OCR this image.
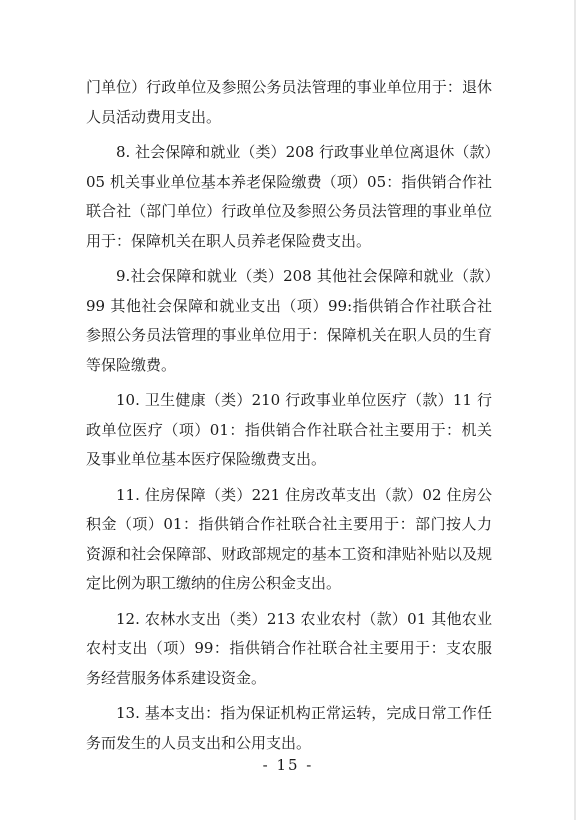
门单位）行政单位及参照公务员法管理的事业单位用于：退休人员活动费用支出。

8. 社会保障和就业（类）208 行政事业单位离退休（款）05 机关事业单位基本养老保险缴费（项）05：指供销合作社联合社（部门单位）行政单位及参照公务员法管理的事业单位用于：保障机关在职人员养老保险费支出。

9.社会保障和就业（类）208 其他社会保障和就业（款）99 其他社会保障和就业支出（项）99:指供销合作社联合社参照公务员法管理的事业单位用于：保障机关在职人员的生育等保险缴费。

10. 卫生健康（类）210 行政事业单位医疗（款）11 行政单位医疗（项）01：指供销合作社联合社主要用于：机关及事业单位基本医疗保险缴费支出。

11. 住房保障（类）221 住房改革支出（款）02 住房公积金（项）01：指供销合作社联合社主要用于：部门按人力资源和社会保障部、财政部规定的基本工资和津贴补贴以及规定比例为职工缴纳的住房公积金支出。

12. 农林水支出（类）213 农业农村（款）01 其他农业农村支出（项）99：指供销合作社联合社主要用于：支农服务经营服务体系建设资金。

13. 基本支出：指为保证机构正常运转，完成日常工作任务而发生的人员支出和公用支出。

- 15 -
